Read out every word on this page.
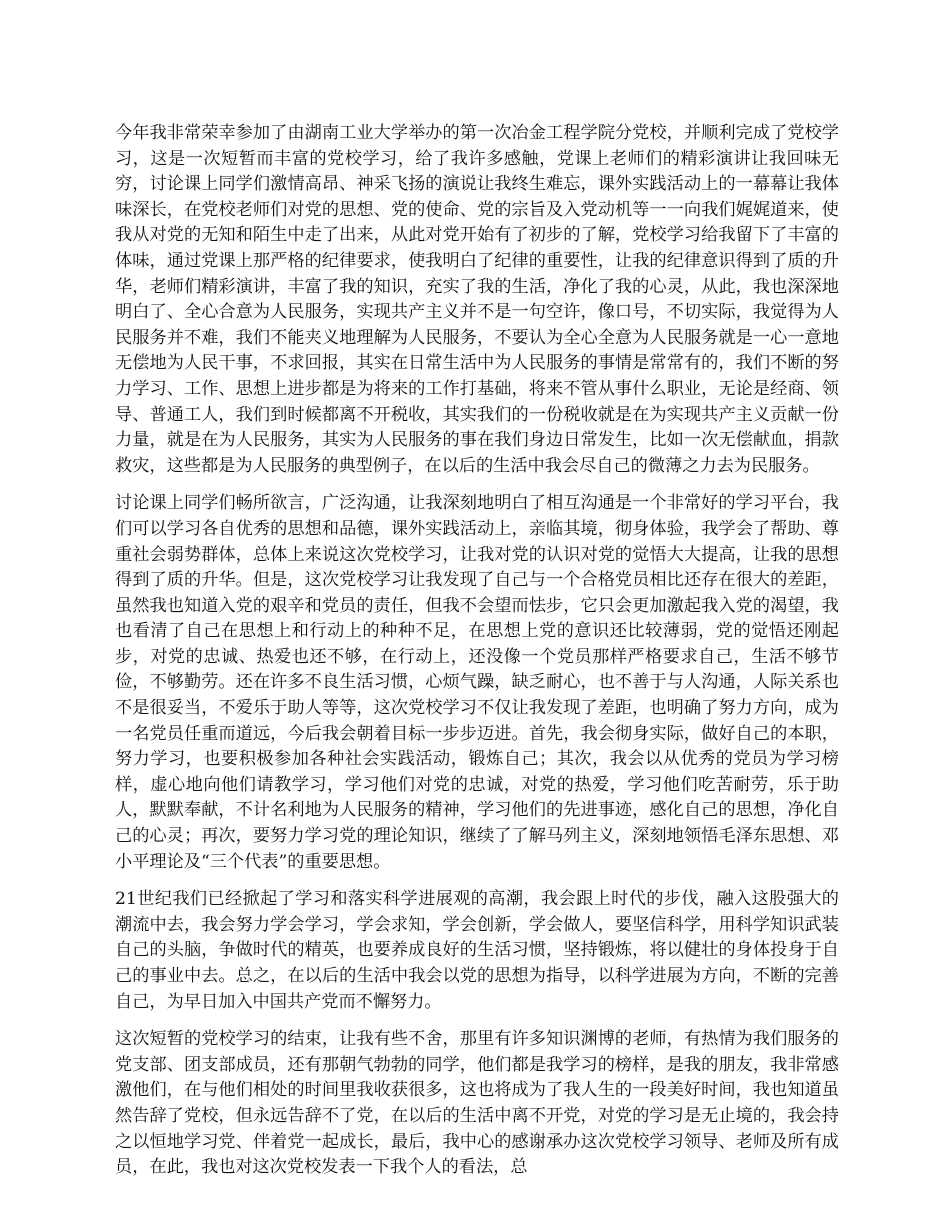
今年我非常荣幸参加了由湖南工业大学举办的第一次冶金工程学院分党校，并顺利完成了党校学习，这是一次短暂而丰富的党校学习，给了我许多感触，党课上老师们的精彩演讲让我回味无穷，讨论课上同学们激情高昂、神采飞扬的演说让我终生难忘，课外实践活动上的一幕幕让我体味深长，在党校老师们对党的思想、党的使命、党的宗旨及入党动机等一一向我们娓娓道来，使我从对党的无知和陌生中走了出来，从此对党开始有了初步的了解，党校学习给我留下了丰富的体味，通过党课上那严格的纪律要求，使我明白了纪律的重要性，让我的纪律意识得到了质的升华，老师们精彩演讲，丰富了我的知识，充实了我的生活，净化了我的心灵，从此，我也深深地明白了、全心合意为人民服务，实现共产主义并不是一句空许，像口号，不切实际，我觉得为人民服务并不难，我们不能夹义地理解为人民服务，不要认为全心全意为人民服务就是一心一意地无偿地为人民干事，不求回报，其实在日常生活中为人民服务的事情是常常有的，我们不断的努力学习、工作、思想上进步都是为将来的工作打基础，将来不管从事什么职业，无论是经商、领导、普通工人，我们到时候都离不开税收，其实我们的一份税收就是在为实现共产主义贡献一份力量，就是在为人民服务，其实为人民服务的事在我们身边日常发生，比如一次无偿献血，捐款救灾，这些都是为人民服务的典型例子，在以后的生活中我会尽自己的微薄之力去为民服务。

讨论课上同学们畅所欲言，广泛沟通，让我深刻地明白了相互沟通是一个非常好的学习平台，我们可以学习各自优秀的思想和品德，课外实践活动上，亲临其境，彻身体验，我学会了帮助、尊重社会弱势群体，总体上来说这次党校学习，让我对党的认识对党的觉悟大大提高，让我的思想得到了质的升华。但是，这次党校学习让我发现了自己与一个合格党员相比还存在很大的差距，虽然我也知道入党的艰辛和党员的责任，但我不会望而怯步，它只会更加激起我入党的渴望，我也看清了自己在思想上和行动上的种种不足，在思想上党的意识还比较薄弱，党的觉悟还刚起步，对党的忠诚、热爱也还不够，在行动上，还没像一个党员那样严格要求自己，生活不够节俭，不够勤劳。还在许多不良生活习惯，心烦气躁，缺乏耐心，也不善于与人沟通，人际关系也不是很妥当，不爱乐于助人等等，这次党校学习不仅让我发现了差距，也明确了努力方向，成为一名党员任重而道远，今后我会朝着目标一步步迈进。首先，我会彻身实际，做好自己的本职，努力学习，也要积极参加各种社会实践活动，锻炼自己；其次，我会以从优秀的党员为学习榜样，虚心地向他们请教学习，学习他们对党的忠诚，对党的热爱，学习他们吃苦耐劳，乐于助人，默默奉献，不计名利地为人民服务的精神，学习他们的先进事迹，感化自己的思想，净化自己的心灵；再次，要努力学习党的理论知识，继续了了解马列主义，深刻地领悟毛泽东思想、邓小平理论及“三个代表”的重要思想。

21世纪我们已经掀起了学习和落实科学进展观的高潮，我会跟上时代的步伐，融入这股强大的潮流中去，我会努力学会学习，学会求知，学会创新，学会做人，要坚信科学，用科学知识武装自己的头脑，争做时代的精英，也要养成良好的生活习惯，坚持锻炼，将以健壮的身体投身于自己的事业中去。总之，在以后的生活中我会以党的思想为指导，以科学进展为方向，不断的完善自己，为早日加入中国共产党而不懈努力。

这次短暂的党校学习的结束，让我有些不舍，那里有许多知识渊博的老师，有热情为我们服务的党支部、团支部成员，还有那朝气勃勃的同学，他们都是我学习的榜样，是我的朋友，我非常感激他们，在与他们相处的时间里我收获很多，这也将成为了我人生的一段美好时间，我也知道虽然告辞了党校，但永远告辞不了党，在以后的生活中离不开党，对党的学习是无止境的，我会持之以恒地学习党、伴着党一起成长，最后，我中心的感谢承办这次党校学习领导、老师及所有成员，在此，我也对这次党校发表一下我个人的看法，总
